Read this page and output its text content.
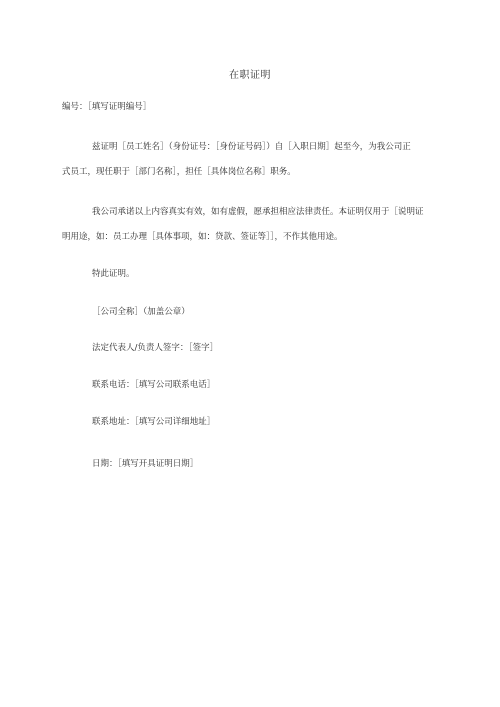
在职证明
编号：［填写证明编号］
兹证明［员工姓名］（身份证号：［身份证号码］）自［入职日期］起至今，为我公司正
式员工，现任职于［部门名称］，担任［具体岗位名称］职务。
我公司承诺以上内容真实有效，如有虚假，愿承担相应法律责任。本证明仅用于［说明证
明用途，如：员工办理［具体事项，如：贷款、签证等］］，不作其他用途。
特此证明。
［公司全称］（加盖公章）
法定代表人/负责人签字：［签字］
联系电话：［填写公司联系电话］
联系地址：［填写公司详细地址］
日期：［填写开具证明日期］
